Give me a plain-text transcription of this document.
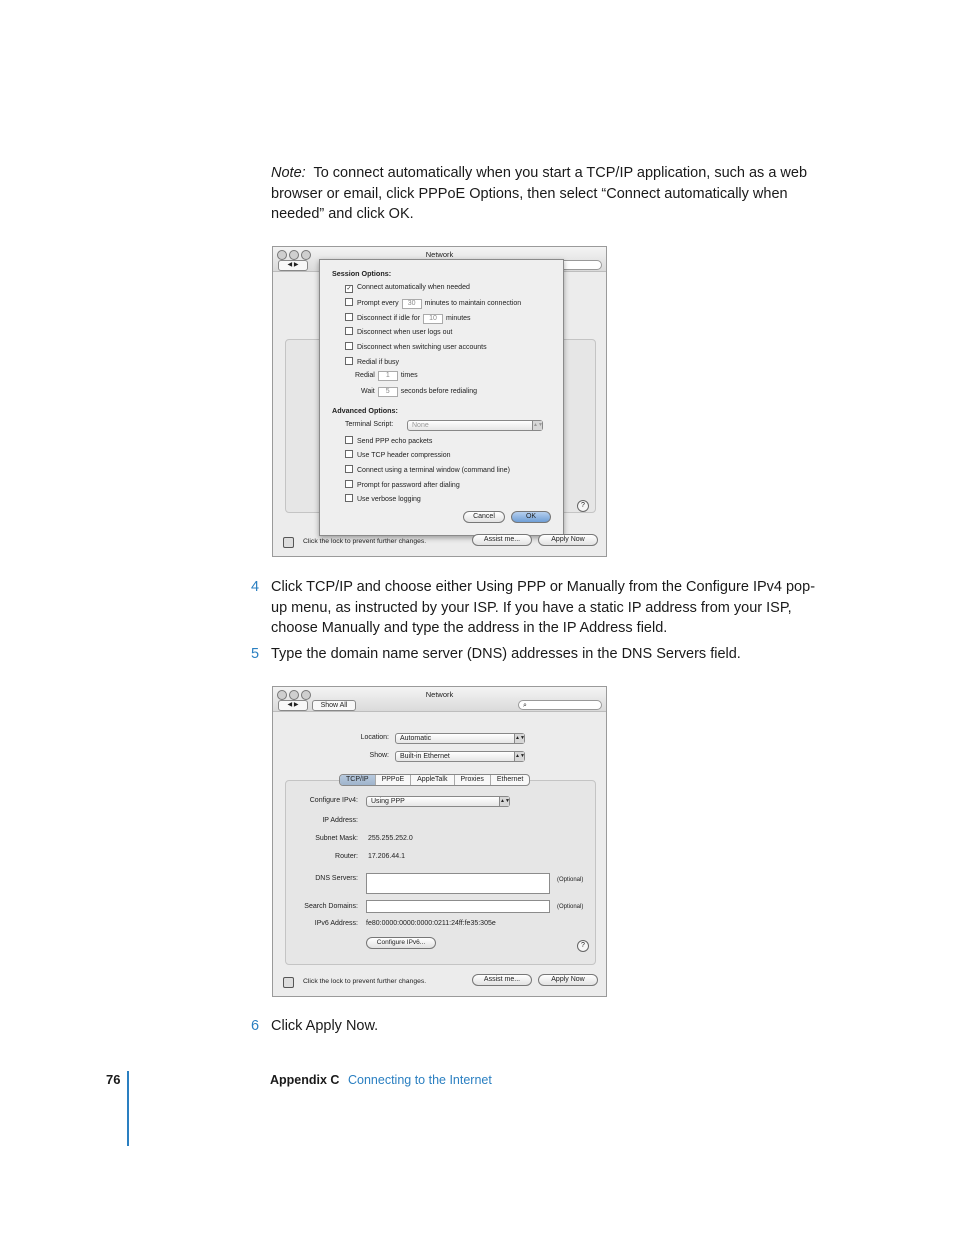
Note: To connect automatically when you start a TCP/IP application, such as a web browser or email, click PPPoE Options, then select “Connect automatically when needed” and click OK.
Network
◀ ▶
Session Options:
✓ Connect automatically when needed
Prompt every 30 minutes to maintain connection
Disconnect if idle for 10 minutes
Disconnect when user logs out
Disconnect when switching user accounts
Redial if busy
Redial 1 times
Wait 5 seconds before redialing
Advanced Options:
Terminal Script:	None	▲▼
Send PPP echo packets
Use TCP header compression
Connect using a terminal window (command line)
Prompt for password after dialing
Use verbose logging
Cancel	OK
?
Click the lock to prevent further changes.	Assist me...	Apply Now
4 Click TCP/IP and choose either Using PPP or Manually from the Configure IPv4 pop-up menu, as instructed by your ISP. If you have a static IP address from your ISP, choose Manually and type the address in the IP Address field.
5 Type the domain name server (DNS) addresses in the DNS Servers field.
Network
◀ ▶	Show All	⌕
Location:	Automatic	▲▼
Show:	Built-in Ethernet	▲▼
TCP/IP	PPPoE	AppleTalk	Proxies	Ethernet
Configure IPv4:	Using PPP	▲▼
IP Address:
Subnet Mask: 255.255.252.0
Router: 17.206.44.1
DNS Servers:	(Optional)
Search Domains:	(Optional)
IPv6 Address: fe80:0000:0000:0000:0211:24ff:fe35:305e
Configure IPv6...	?
Click the lock to prevent further changes.	Assist me...	Apply Now
6 Click Apply Now.
76	Appendix C Connecting to the Internet
